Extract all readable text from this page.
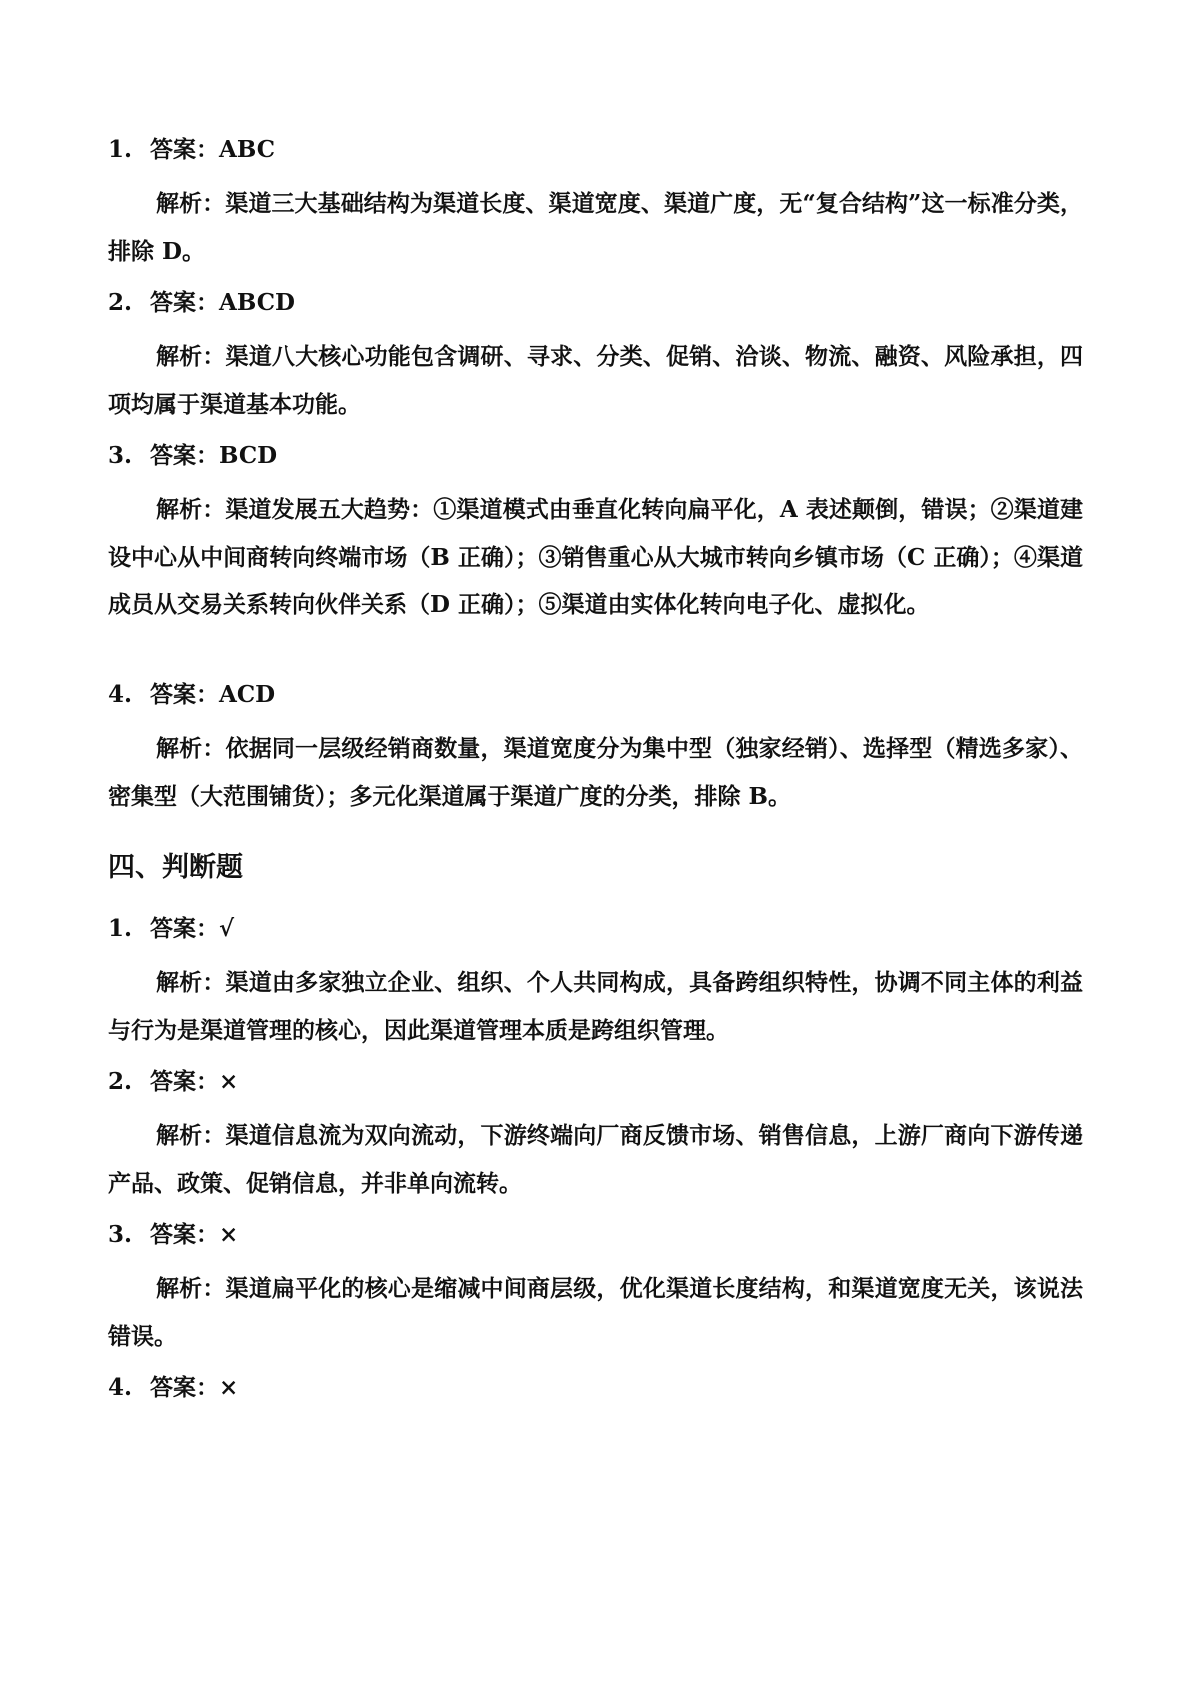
1. 答案：ABC
解析：渠道三大基础结构为渠道长度、渠道宽度、渠道广度，无“复合结构”这一标准分类，排除 D。
2. 答案：ABCD
解析：渠道八大核心功能包含调研、寻求、分类、促销、洽谈、物流、融资、风险承担，四项均属于渠道基本功能。
3. 答案：BCD
解析：渠道发展五大趋势：①渠道模式由垂直化转向扁平化，A 表述颠倒，错误；②渠道建设中心从中间商转向终端市场（B 正确）；③销售重心从大城市转向乡镇市场（C 正确）；④渠道成员从交易关系转向伙伴关系（D 正确）；⑤渠道由实体化转向电子化、虚拟化。
4. 答案：ACD
解析：依据同一层级经销商数量，渠道宽度分为集中型（独家经销）、选择型（精选多家）、密集型（大范围铺货）；多元化渠道属于渠道广度的分类，排除 B。
四、判断题
1. 答案：√
解析：渠道由多家独立企业、组织、个人共同构成，具备跨组织特性，协调不同主体的利益与行为是渠道管理的核心，因此渠道管理本质是跨组织管理。
2. 答案：×
解析：渠道信息流为双向流动，下游终端向厂商反馈市场、销售信息，上游厂商向下游传递产品、政策、促销信息，并非单向流转。
3. 答案：×
解析：渠道扁平化的核心是缩减中间商层级，优化渠道长度结构，和渠道宽度无关，该说法错误。
4. 答案：×
